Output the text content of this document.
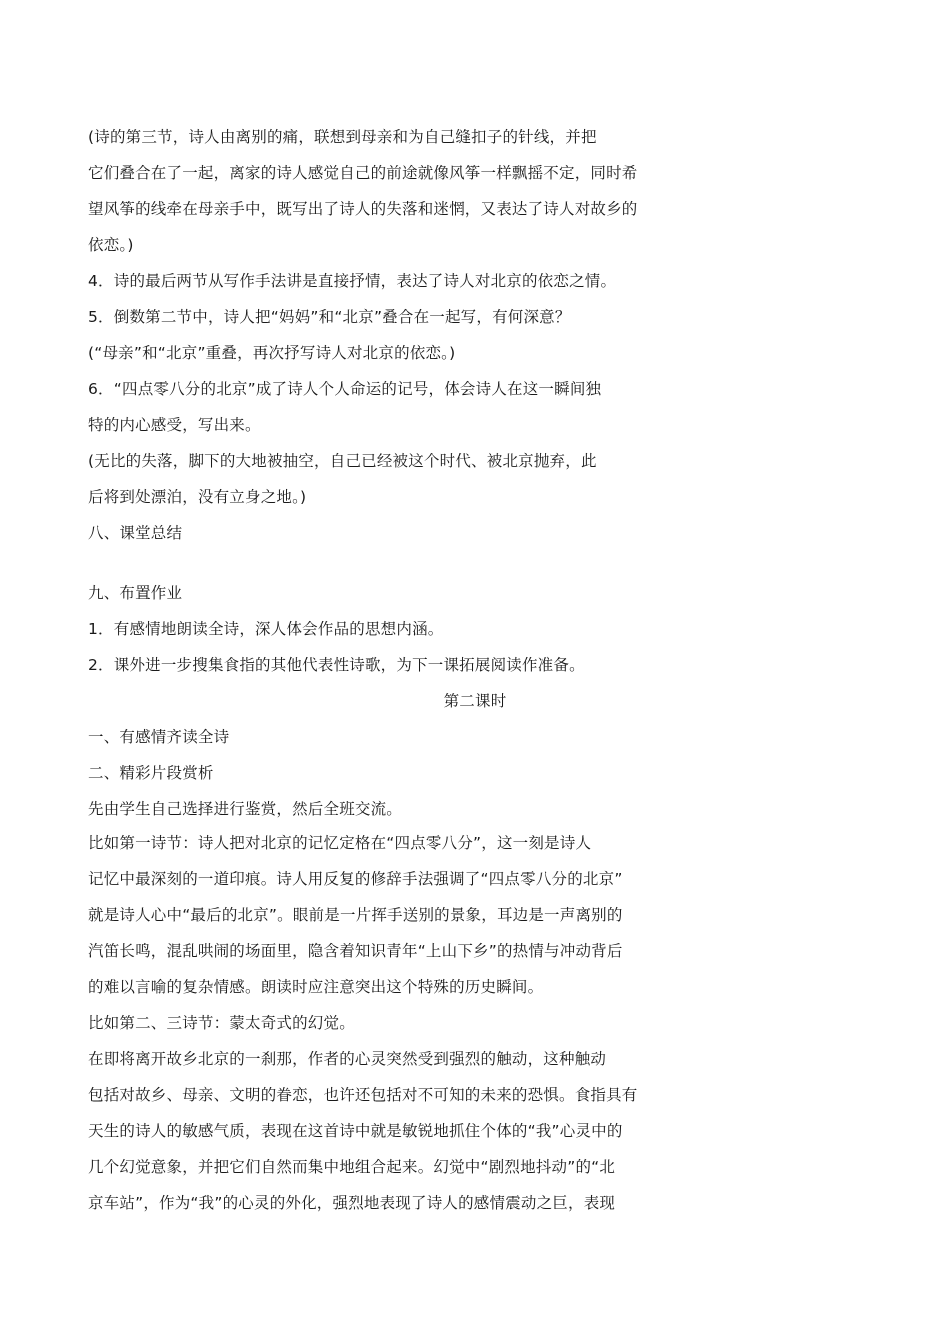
(诗的第三节，诗人由离别的痛，联想到母亲和为自己缝扣子的针线，并把
它们叠合在了一起，离家的诗人感觉自己的前途就像风筝一样飘摇不定，同时希
望风筝的线牵在母亲手中，既写出了诗人的失落和迷惘，又表达了诗人对故乡的
依恋。)
4．诗的最后两节从写作手法讲是直接抒情，表达了诗人对北京的依恋之情。
5．倒数第二节中，诗人把“妈妈”和“北京”叠合在一起写，有何深意？
(“母亲”和“北京”重叠，再次抒写诗人对北京的依恋。)
6．“四点零八分的北京”成了诗人个人命运的记号，体会诗人在这一瞬间独
特的内心感受，写出来。
(无比的失落，脚下的大地被抽空，自己已经被这个时代、被北京抛弃，此
后将到处漂泊，没有立身之地。)
八、课堂总结
九、布置作业
1．有感情地朗读全诗，深人体会作品的思想内涵。
2．课外进一步搜集食指的其他代表性诗歌，为下一课拓展阅读作准备。
第二课时
一、有感情齐读全诗
二、精彩片段赏析
先由学生自己选择进行鉴赏，然后全班交流。
比如第一诗节：诗人把对北京的记忆定格在“四点零八分”，这一刻是诗人
记忆中最深刻的一道印痕。诗人用反复的修辞手法强调了“四点零八分的北京”
就是诗人心中“最后的北京”。眼前是一片挥手送别的景象，耳边是一声离别的
汽笛长鸣，混乱哄闹的场面里，隐含着知识青年“上山下乡”的热情与冲动背后
的难以言喻的复杂情感。朗读时应注意突出这个特殊的历史瞬间。
比如第二、三诗节：蒙太奇式的幻觉。
在即将离开故乡北京的一刹那，作者的心灵突然受到强烈的触动，这种触动
包括对故乡、母亲、文明的眷恋，也许还包括对不可知的未来的恐惧。食指具有
天生的诗人的敏感气质，表现在这首诗中就是敏锐地抓住个体的“我”心灵中的
几个幻觉意象，并把它们自然而集中地组合起来。幻觉中“剧烈地抖动”的“北
京车站”，作为“我”的心灵的外化，强烈地表现了诗人的感情震动之巨，表现
